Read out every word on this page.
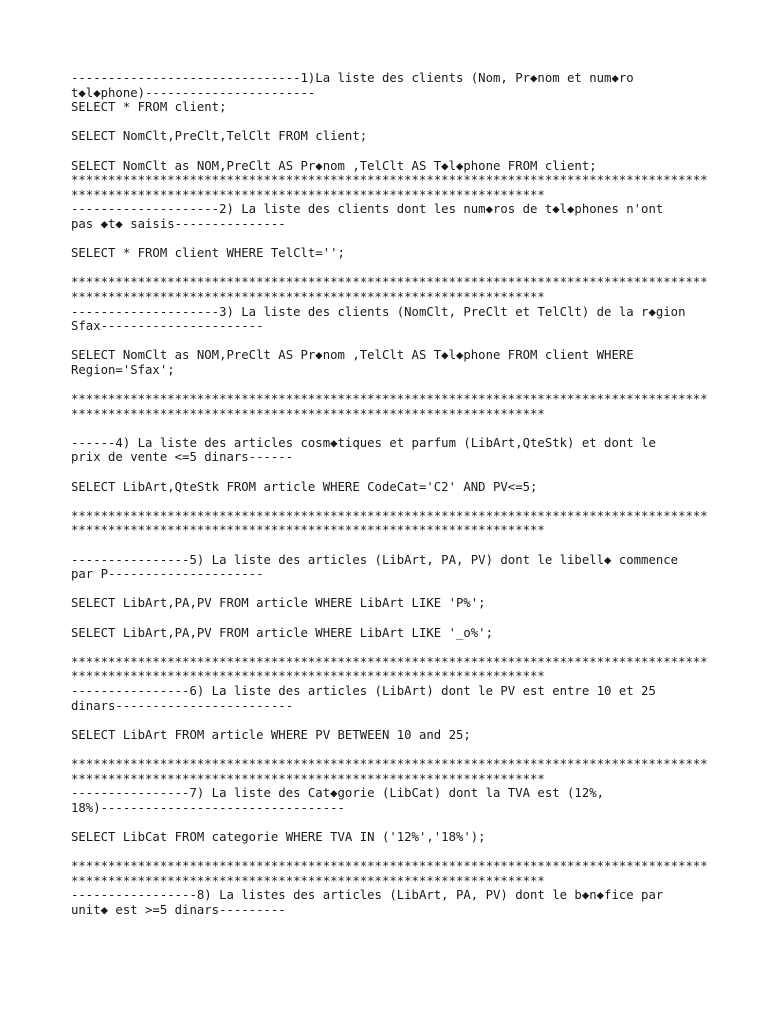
-------------------------------1)La liste des clients (Nom, Pr◆nom et num◆ro
t◆l◆phone)-----------------------
SELECT * FROM client;
SELECT NomClt,PreClt,TelClt FROM client;
SELECT NomClt as NOM,PreClt AS Pr◆nom ,TelClt AS T◆l◆phone FROM client;
**************************************************************************************
****************************************************************
--------------------2) La liste des clients dont les num◆ros de t◆l◆phones n'ont
pas ◆t◆ saisis---------------
SELECT * FROM client WHERE TelClt='';
**************************************************************************************
****************************************************************
--------------------3) La liste des clients (NomClt, PreClt et TelClt) de la r◆gion
Sfax----------------------
SELECT NomClt as NOM,PreClt AS Pr◆nom ,TelClt AS T◆l◆phone FROM client WHERE
Region='Sfax';
**************************************************************************************
****************************************************************
------4) La liste des articles cosm◆tiques et parfum (LibArt,QteStk) et dont le
prix de vente <=5 dinars------
SELECT LibArt,QteStk FROM article WHERE CodeCat='C2' AND PV<=5;
**************************************************************************************
****************************************************************
----------------5) La liste des articles (LibArt, PA, PV) dont le libell◆ commence
par P---------------------
SELECT LibArt,PA,PV FROM article WHERE LibArt LIKE 'P%';
SELECT LibArt,PA,PV FROM article WHERE LibArt LIKE '_o%';
**************************************************************************************
****************************************************************
----------------6) La liste des articles (LibArt) dont le PV est entre 10 et 25
dinars------------------------
SELECT LibArt FROM article WHERE PV BETWEEN 10 and 25;
**************************************************************************************
****************************************************************
----------------7) La liste des Cat◆gorie (LibCat) dont la TVA est (12%,
18%)---------------------------------
SELECT LibCat FROM categorie WHERE TVA IN ('12%','18%');
**************************************************************************************
****************************************************************
-----------------8) La listes des articles (LibArt, PA, PV) dont le b◆n◆fice par
unit◆ est >=5 dinars---------
